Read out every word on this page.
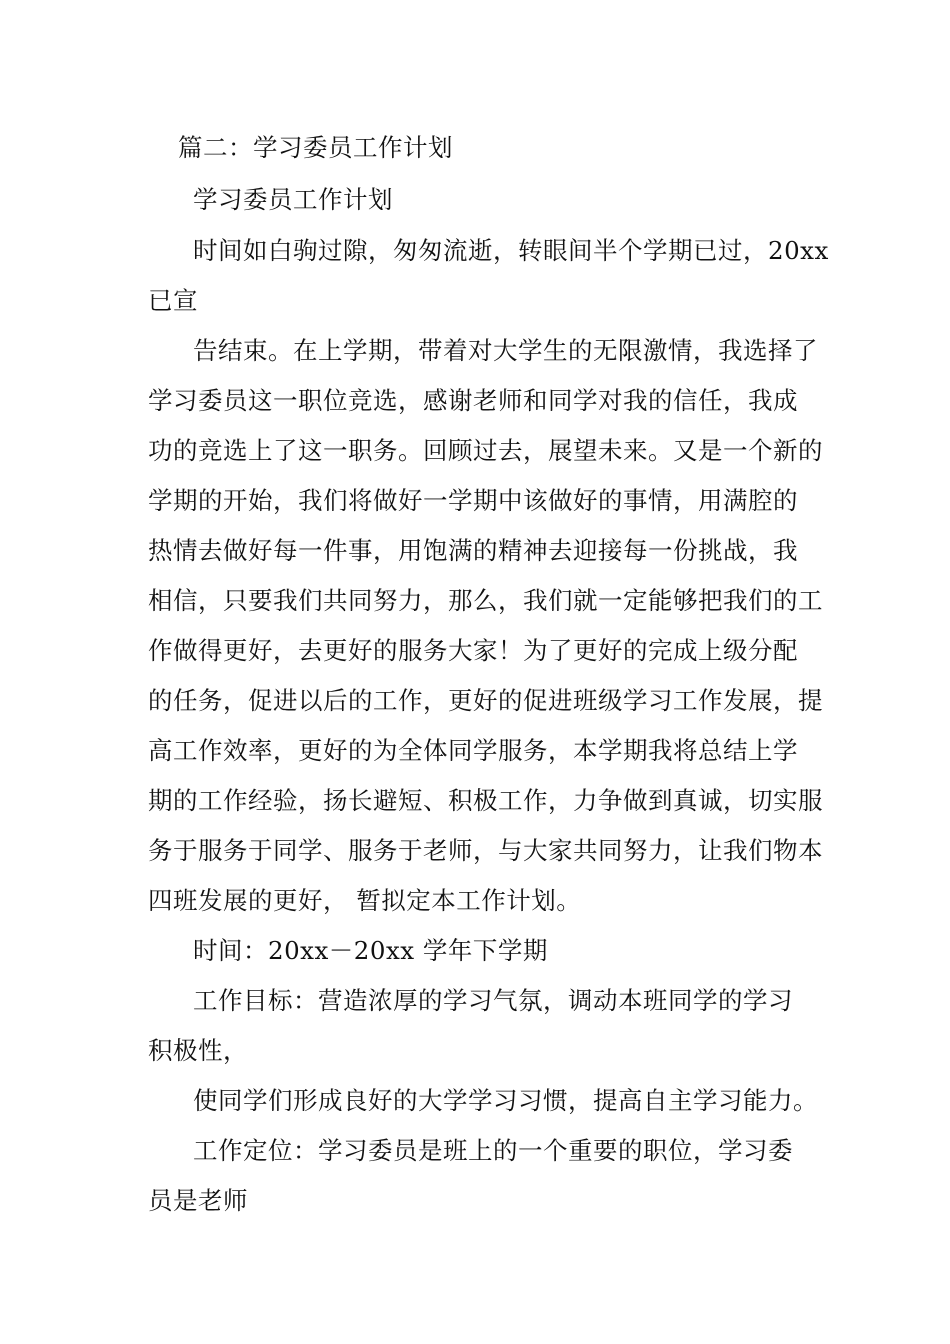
篇二：学习委员工作计划
学习委员工作计划
时间如白驹过隙，匆匆流逝，转眼间半个学期已过，20xx
已宣
告结束。在上学期，带着对大学生的无限激情，我选择了
学习委员这一职位竞选，感谢老师和同学对我的信任，我成
功的竞选上了这一职务。回顾过去，展望未来。又是一个新的
学期的开始，我们将做好一学期中该做好的事情，用满腔的
热情去做好每一件事，用饱满的精神去迎接每一份挑战，我
相信，只要我们共同努力，那么，我们就一定能够把我们的工
作做得更好，去更好的服务大家！为了更好的完成上级分配
的任务，促进以后的工作，更好的促进班级学习工作发展，提
高工作效率，更好的为全体同学服务，本学期我将总结上学
期的工作经验，扬长避短、积极工作，力争做到真诚，切实服
务于服务于同学、服务于老师，与大家共同努力，让我们物本
四班发展的更好， 暂拟定本工作计划。
时间：20xx－20xx 学年下学期
工作目标：营造浓厚的学习气氛，调动本班同学的学习
积极性，
使同学们形成良好的大学学习习惯，提高自主学习能力。
工作定位：学习委员是班上的一个重要的职位，学习委
员是老师
